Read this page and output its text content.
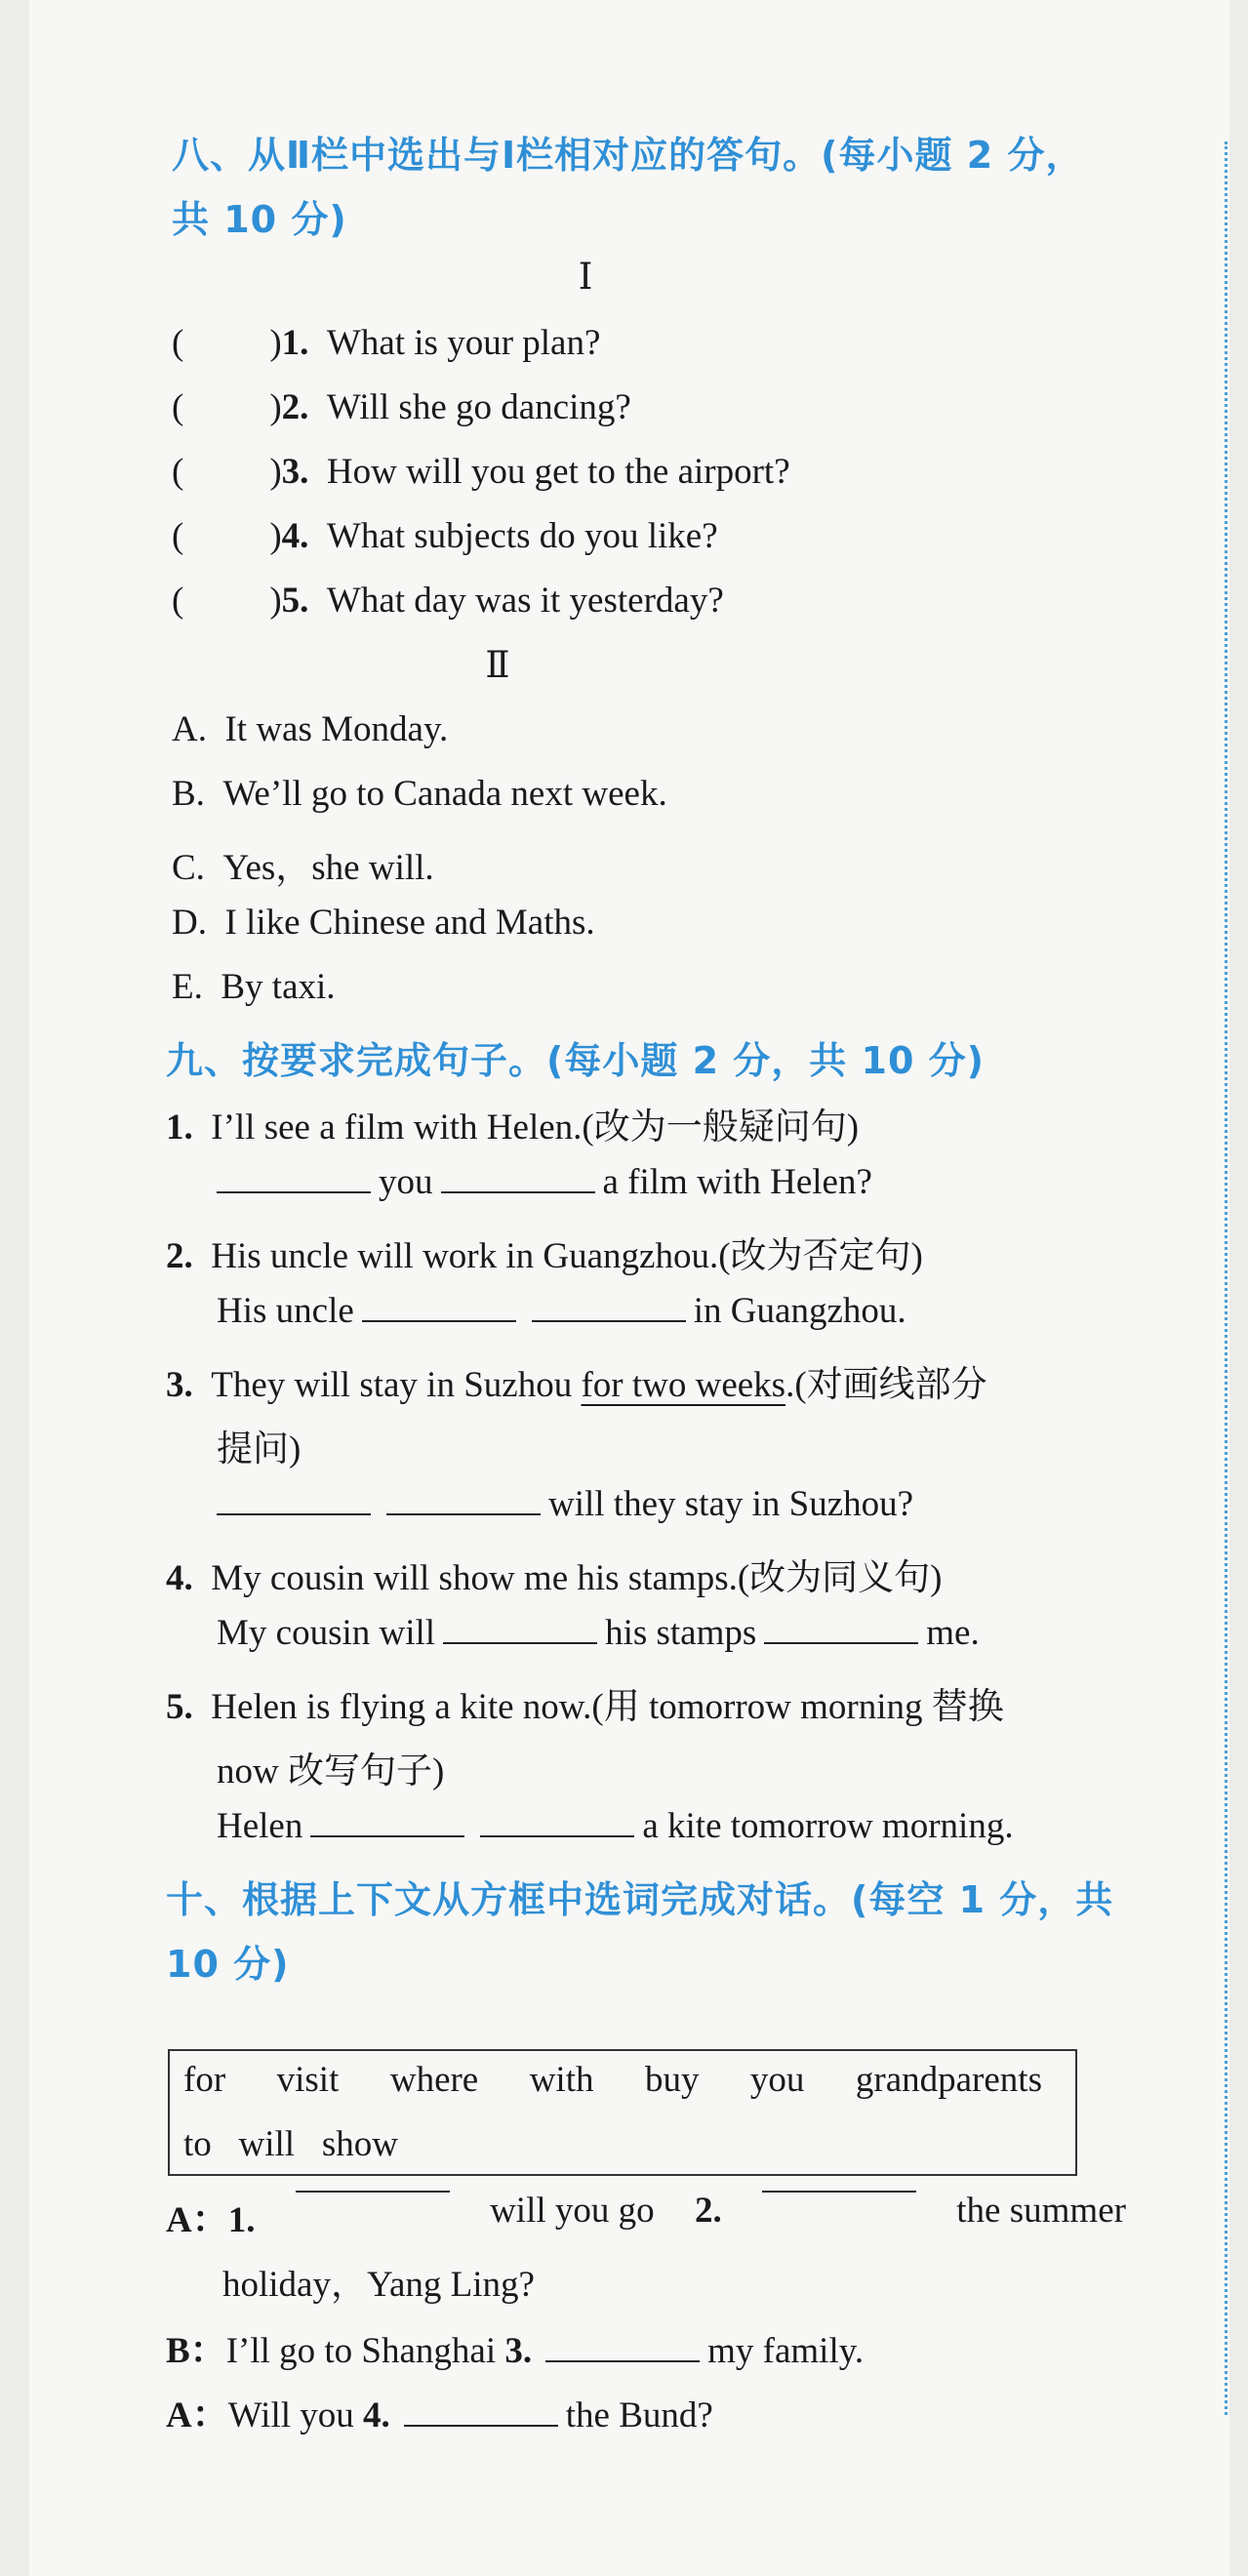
八、从Ⅱ栏中选出与Ⅰ栏相对应的答句。(每小题 2 分，
共 10 分)
Ⅰ
( )1. What is your plan?
( )2. Will she go dancing?
( )3. How will you get to the airport?
( )4. What subjects do you like?
( )5. What day was it yesterday?
Ⅱ
A. It was Monday.
B. We’ll go to Canada next week.
C. Yes，she will.
D. I like Chinese and Maths.
E. By taxi.
九、按要求完成句子。(每小题 2 分，共 10 分)
1. I’ll see a film with Helen.(改为一般疑问句)
you	a film with Helen?
2. His uncle will work in Guangzhou.(改为否定句)
His uncle	in Guangzhou.
3. They will stay in Suzhou for two weeks.(对画线部分
提问)
will they stay in Suzhou?
4. My cousin will show me his stamps.(改为同义句)
My cousin will	his stamps	me.
5. Helen is flying a kite now.(用 tomorrow morning 替换
now 改写句子)
Helen	a kite tomorrow morning.
十、根据上下文从方框中选词完成对话。(每空 1 分，共
10 分)
for visit where with buy you grandparents
to will show
A：1.	will you go 2.	the summer
holiday，Yang Ling?
B：I’ll go to Shanghai 3.	my family.
A：Will you 4.	the Bund?
